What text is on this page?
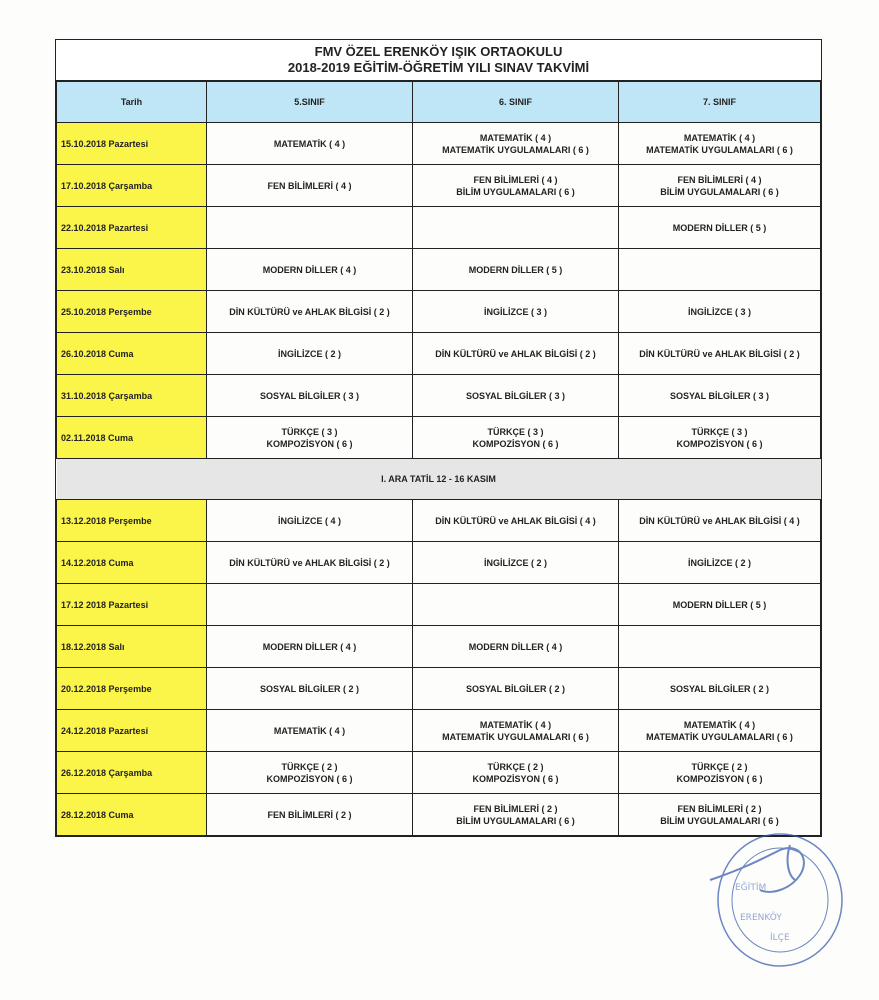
FMV ÖZEL ERENKÖY IŞIK ORTAOKULU
2018-2019 EĞİTİM-ÖĞRETİM YILI SINAV TAKVİMİ
Tarih	5.SINIF	6. SINIF	7. SINIF
15.10.2018 Pazartesi	MATEMATİK ( 4 )	MATEMATİK ( 4 )
MATEMATİK UYGULAMALARI ( 6 )	MATEMATİK ( 4 )
MATEMATİK UYGULAMALARI ( 6 )

17.10.2018 Çarşamba	FEN BİLİMLERİ ( 4 )	FEN BİLİMLERİ ( 4 )
BİLİM UYGULAMALARI ( 6 )	FEN BİLİMLERİ ( 4 )
BİLİM UYGULAMALARI ( 6 )

22.10.2018 Pazartesi			MODERN DİLLER ( 5 )

23.10.2018 Salı	MODERN DİLLER ( 4 )	MODERN DİLLER ( 5 )	

25.10.2018 Perşembe	DİN KÜLTÜRÜ ve AHLAK BİLGİSİ ( 2 )	İNGİLİZCE ( 3 )	İNGİLİZCE ( 3 )

26.10.2018 Cuma	İNGİLİZCE ( 2 )	DİN KÜLTÜRÜ ve AHLAK BİLGİSİ ( 2 )	DİN KÜLTÜRÜ ve AHLAK BİLGİSİ ( 2 )

31.10.2018 Çarşamba	SOSYAL BİLGİLER ( 3 )	SOSYAL BİLGİLER ( 3 )	SOSYAL BİLGİLER ( 3 )

02.11.2018 Cuma	TÜRKÇE ( 3 )
KOMPOZİSYON ( 6 )	TÜRKÇE ( 3 )
KOMPOZİSYON ( 6 )	TÜRKÇE ( 3 )
KOMPOZİSYON ( 6 )

I. ARA TATİL 12 - 16 KASIM			
13.12.2018 Perşembe	İNGİLİZCE ( 4 )	DİN KÜLTÜRÜ ve AHLAK BİLGİSİ ( 4 )	DİN KÜLTÜRÜ ve AHLAK BİLGİSİ ( 4 )

14.12.2018 Cuma	DİN KÜLTÜRÜ ve AHLAK BİLGİSİ ( 2 )	İNGİLİZCE ( 2 )	İNGİLİZCE ( 2 )

17.12 2018 Pazartesi			MODERN DİLLER ( 5 )

18.12.2018 Salı	MODERN DİLLER ( 4 )	MODERN DİLLER ( 4 )	

20.12.2018 Perşembe	SOSYAL BİLGİLER ( 2 )	SOSYAL BİLGİLER ( 2 )	SOSYAL BİLGİLER ( 2 )

24.12.2018 Pazartesi	MATEMATİK ( 4 )	MATEMATİK ( 4 )
MATEMATİK UYGULAMALARI ( 6 )	MATEMATİK ( 4 )
MATEMATİK UYGULAMALARI ( 6 )

26.12.2018 Çarşamba	TÜRKÇE ( 2 )
KOMPOZİSYON ( 6 )	TÜRKÇE ( 2 )
KOMPOZİSYON ( 6 )	TÜRKÇE ( 2 )
KOMPOZİSYON ( 6 )

28.12.2018 Cuma	FEN BİLİMLERİ ( 2 )	FEN BİLİMLERİ ( 2 )
BİLİM UYGULAMALARI ( 6 )	FEN BİLİMLERİ ( 2 )
BİLİM UYGULAMALARI ( 6 )
EĞİTİM
ERENKÖY
İLÇE
